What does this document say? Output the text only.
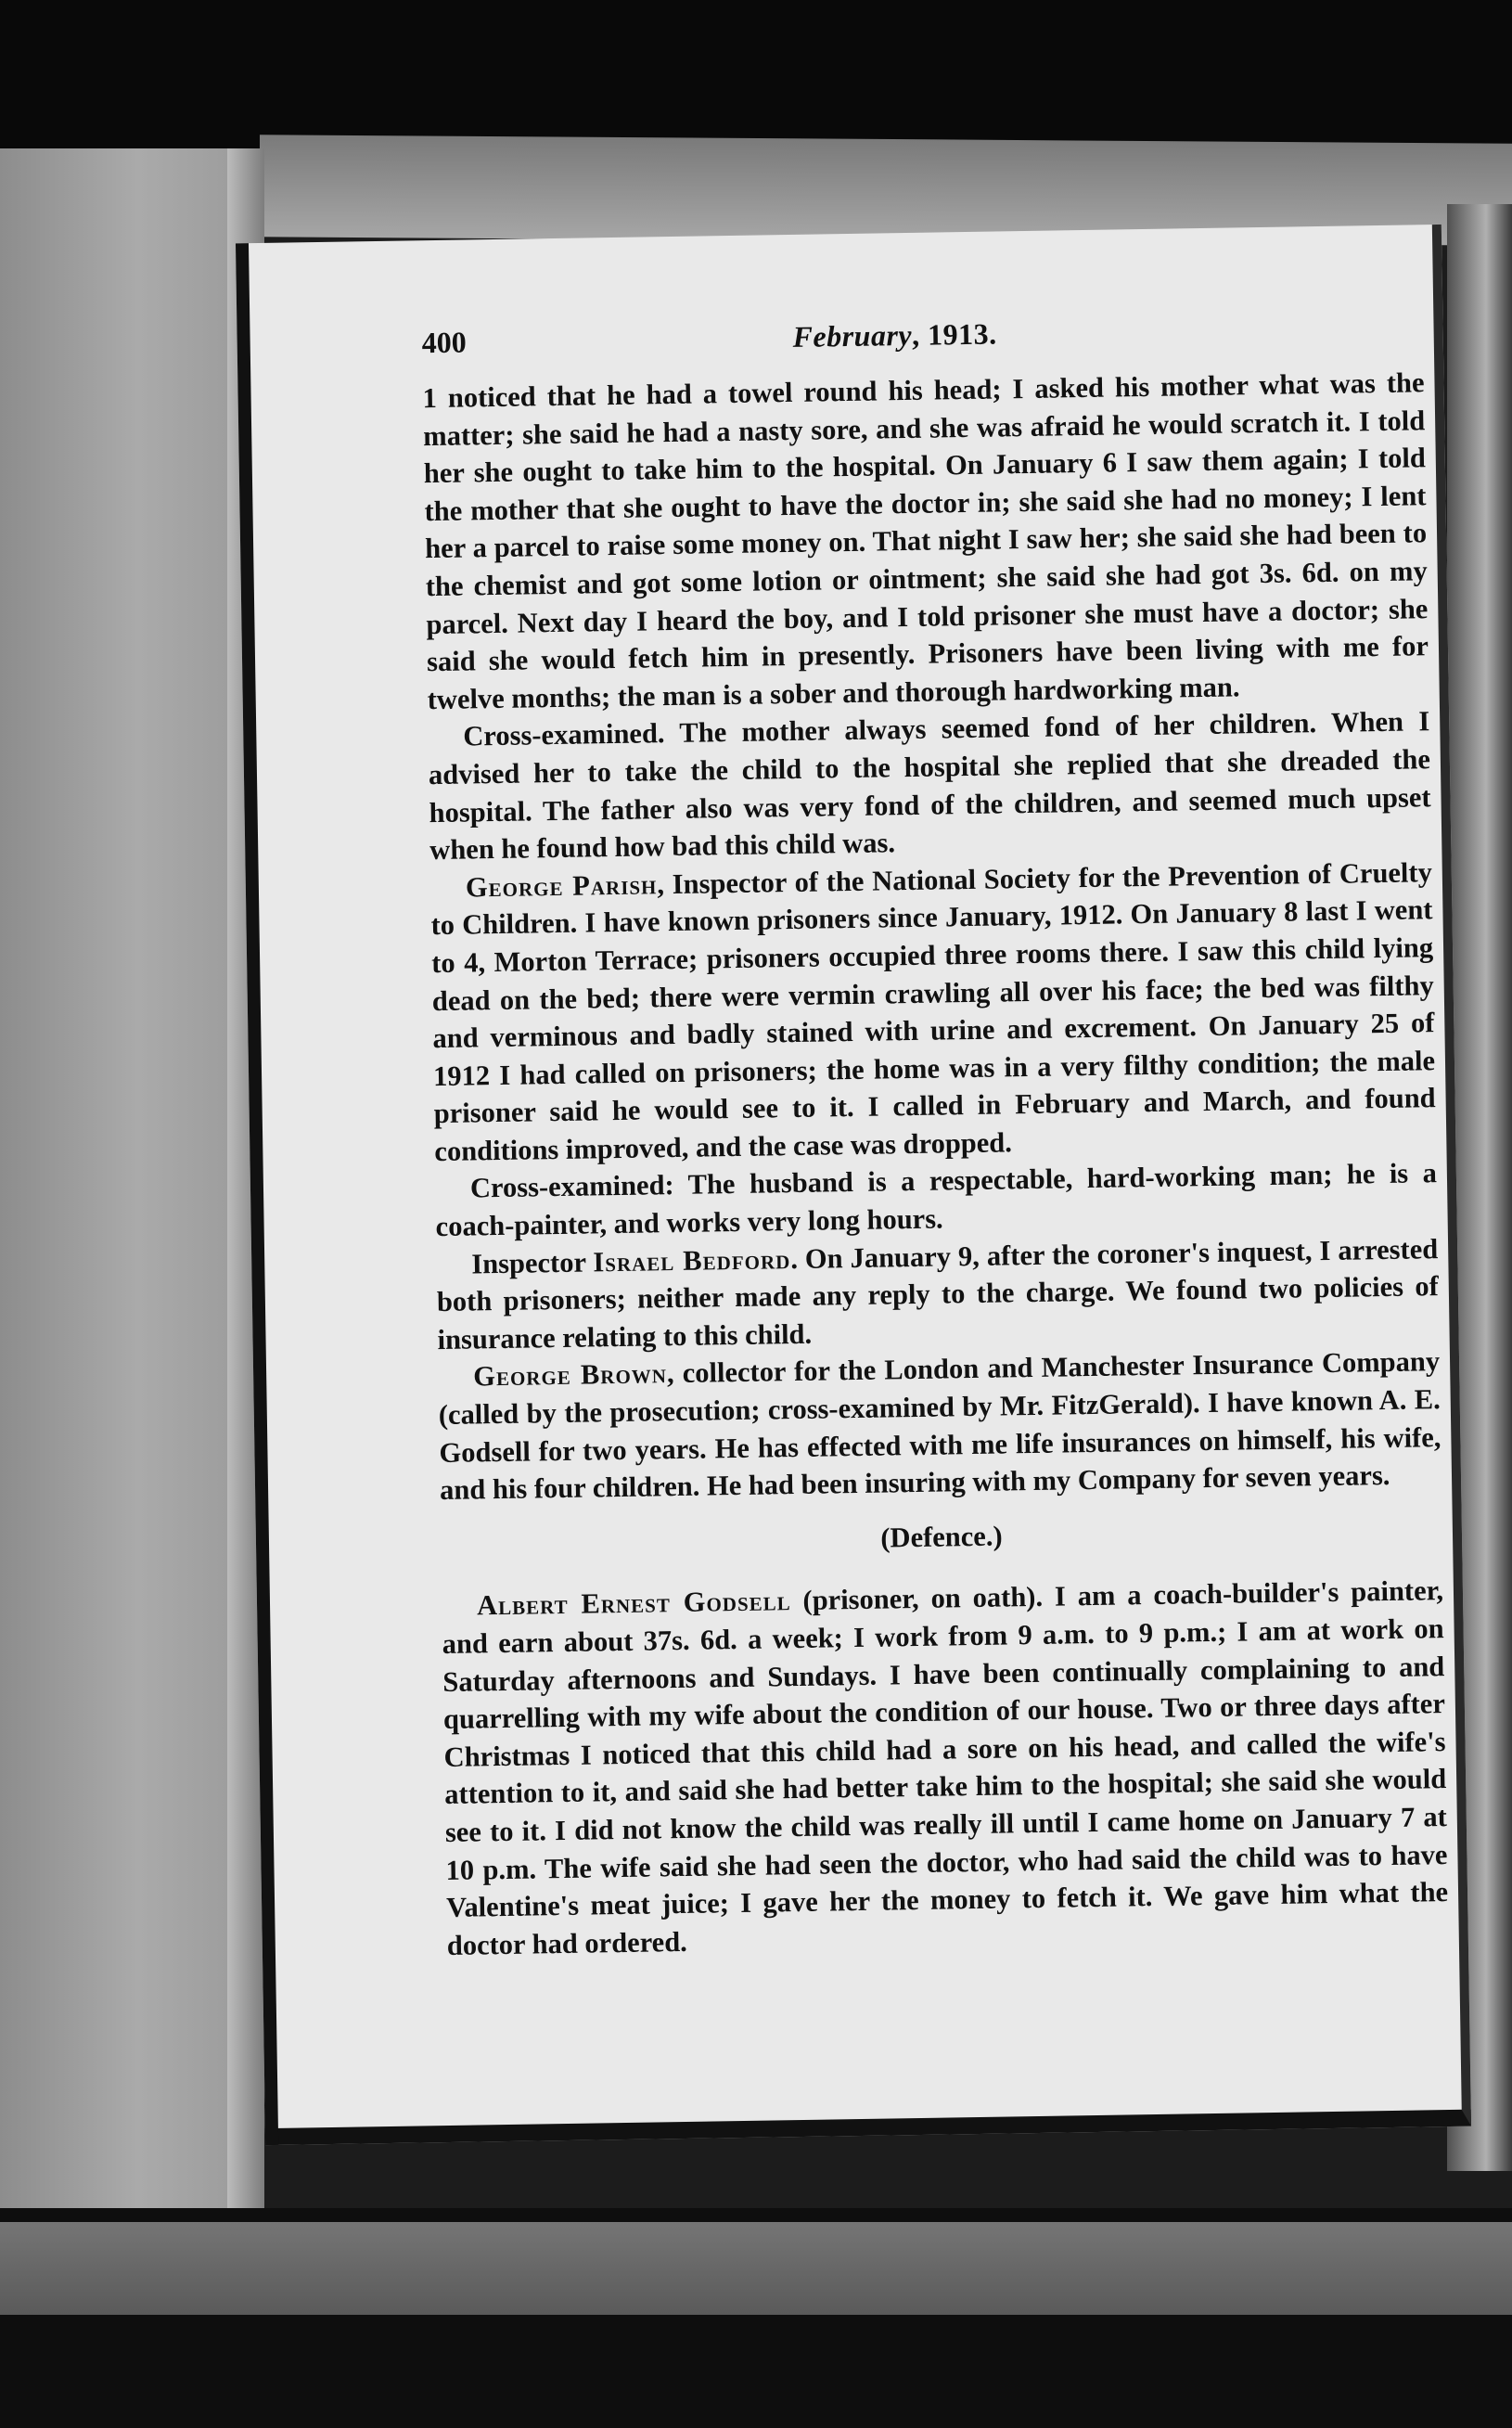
400	February, 1913.

1 noticed that he had a towel round his head; I asked his mother what was the matter; she said he had a nasty sore, and she was afraid he would scratch it. I told her she ought to take him to the hospital. On January 6 I saw them again; I told the mother that she ought to have the doctor in; she said she had no money; I lent her a parcel to raise some money on. That night I saw her; she said she had been to the chemist and got some lotion or ointment; she said she had got 3s. 6d. on my parcel. Next day I heard the boy, and I told prisoner she must have a doctor; she said she would fetch him in presently. Prisoners have been living with me for twelve months; the man is a sober and thorough hardworking man.

Cross-examined. The mother always seemed fond of her children. When I advised her to take the child to the hospital she replied that she dreaded the hospital. The father also was very fond of the children, and seemed much upset when he found how bad this child was.

George Parish, Inspector of the National Society for the Prevention of Cruelty to Children. I have known prisoners since January, 1912. On January 8 last I went to 4, Morton Terrace; prisoners occupied three rooms there. I saw this child lying dead on the bed; there were vermin crawling all over his face; the bed was filthy and verminous and badly stained with urine and excrement. On January 25 of 1912 I had called on prisoners; the home was in a very filthy condition; the male prisoner said he would see to it. I called in February and March, and found conditions improved, and the case was dropped.

Cross-examined: The husband is a respectable, hard-working man; he is a coach-painter, and works very long hours.

Inspector Israel Bedford. On January 9, after the coroner's inquest, I arrested both prisoners; neither made any reply to the charge. We found two policies of insurance relating to this child.

George Brown, collector for the London and Manchester Insurance Company (called by the prosecution; cross-examined by Mr. FitzGerald). I have known A. E. Godsell for two years. He has effected with me life insurances on himself, his wife, and his four children. He had been insuring with my Company for seven years.

(Defence.)

Albert Ernest Godsell (prisoner, on oath). I am a coach-builder's painter, and earn about 37s. 6d. a week; I work from 9 a.m. to 9 p.m.; I am at work on Saturday afternoons and Sundays. I have been continually complaining to and quarrelling with my wife about the condition of our house. Two or three days after Christmas I noticed that this child had a sore on his head, and called the wife's attention to it, and said she had better take him to the hospital; she said she would see to it. I did not know the child was really ill until I came home on January 7 at 10 p.m. The wife said she had seen the doctor, who had said the child was to have Valentine's meat juice; I gave her the money to fetch it. We gave him what the doctor had ordered.
